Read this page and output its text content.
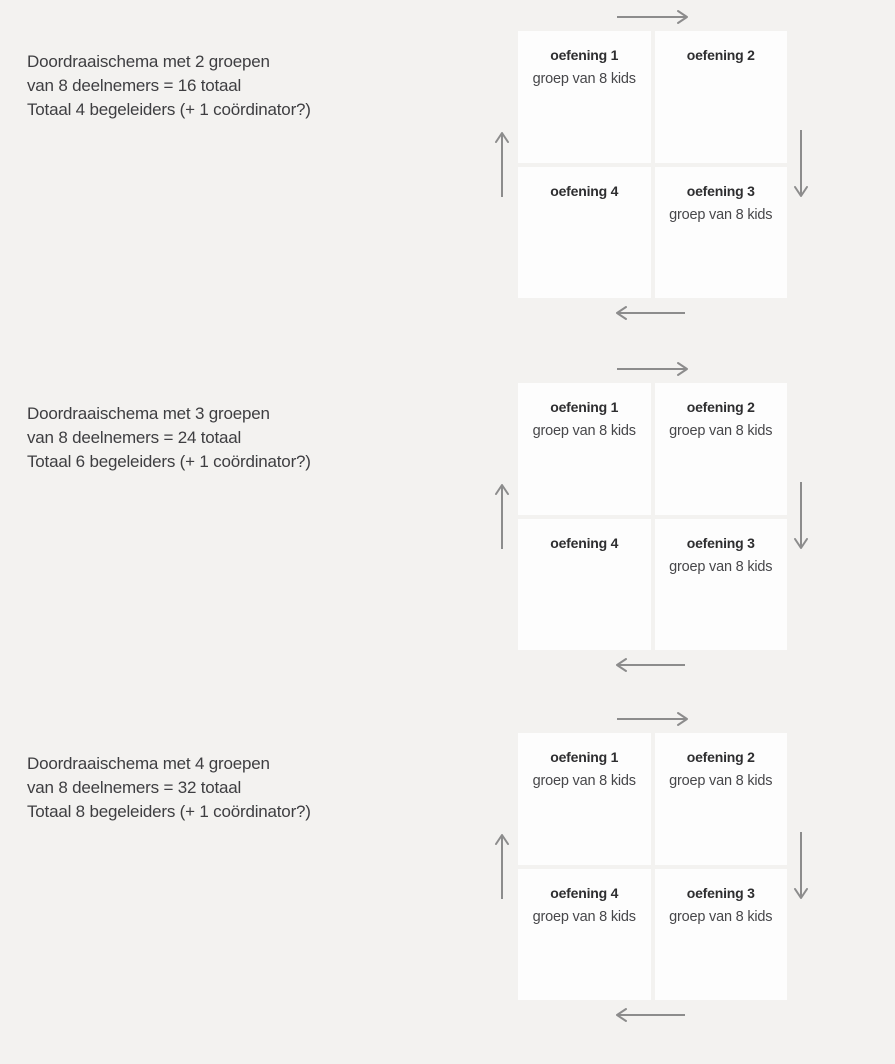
Doordraaischema met 2 groepen
van 8 deelnemers = 16 totaal
Totaal 4 begeleiders (+ 1 coördinator?)
oefening 1
groep van 8 kids
oefening 2
oefening 4	oefening 3
groep van 8 kids
Doordraaischema met 3 groepen
van 8 deelnemers = 24 totaal
Totaal 6 begeleiders (+ 1 coördinator?)
oefening 1
groep van 8 kids
oefening 2
groep van 8 kids
oefening 4	oefening 3
groep van 8 kids
Doordraaischema met 4 groepen
van 8 deelnemers = 32 totaal
Totaal 8 begeleiders (+ 1 coördinator?)
oefening 1
groep van 8 kids
oefening 2
groep van 8 kids
oefening 4
groep van 8 kids
oefening 3
groep van 8 kids
